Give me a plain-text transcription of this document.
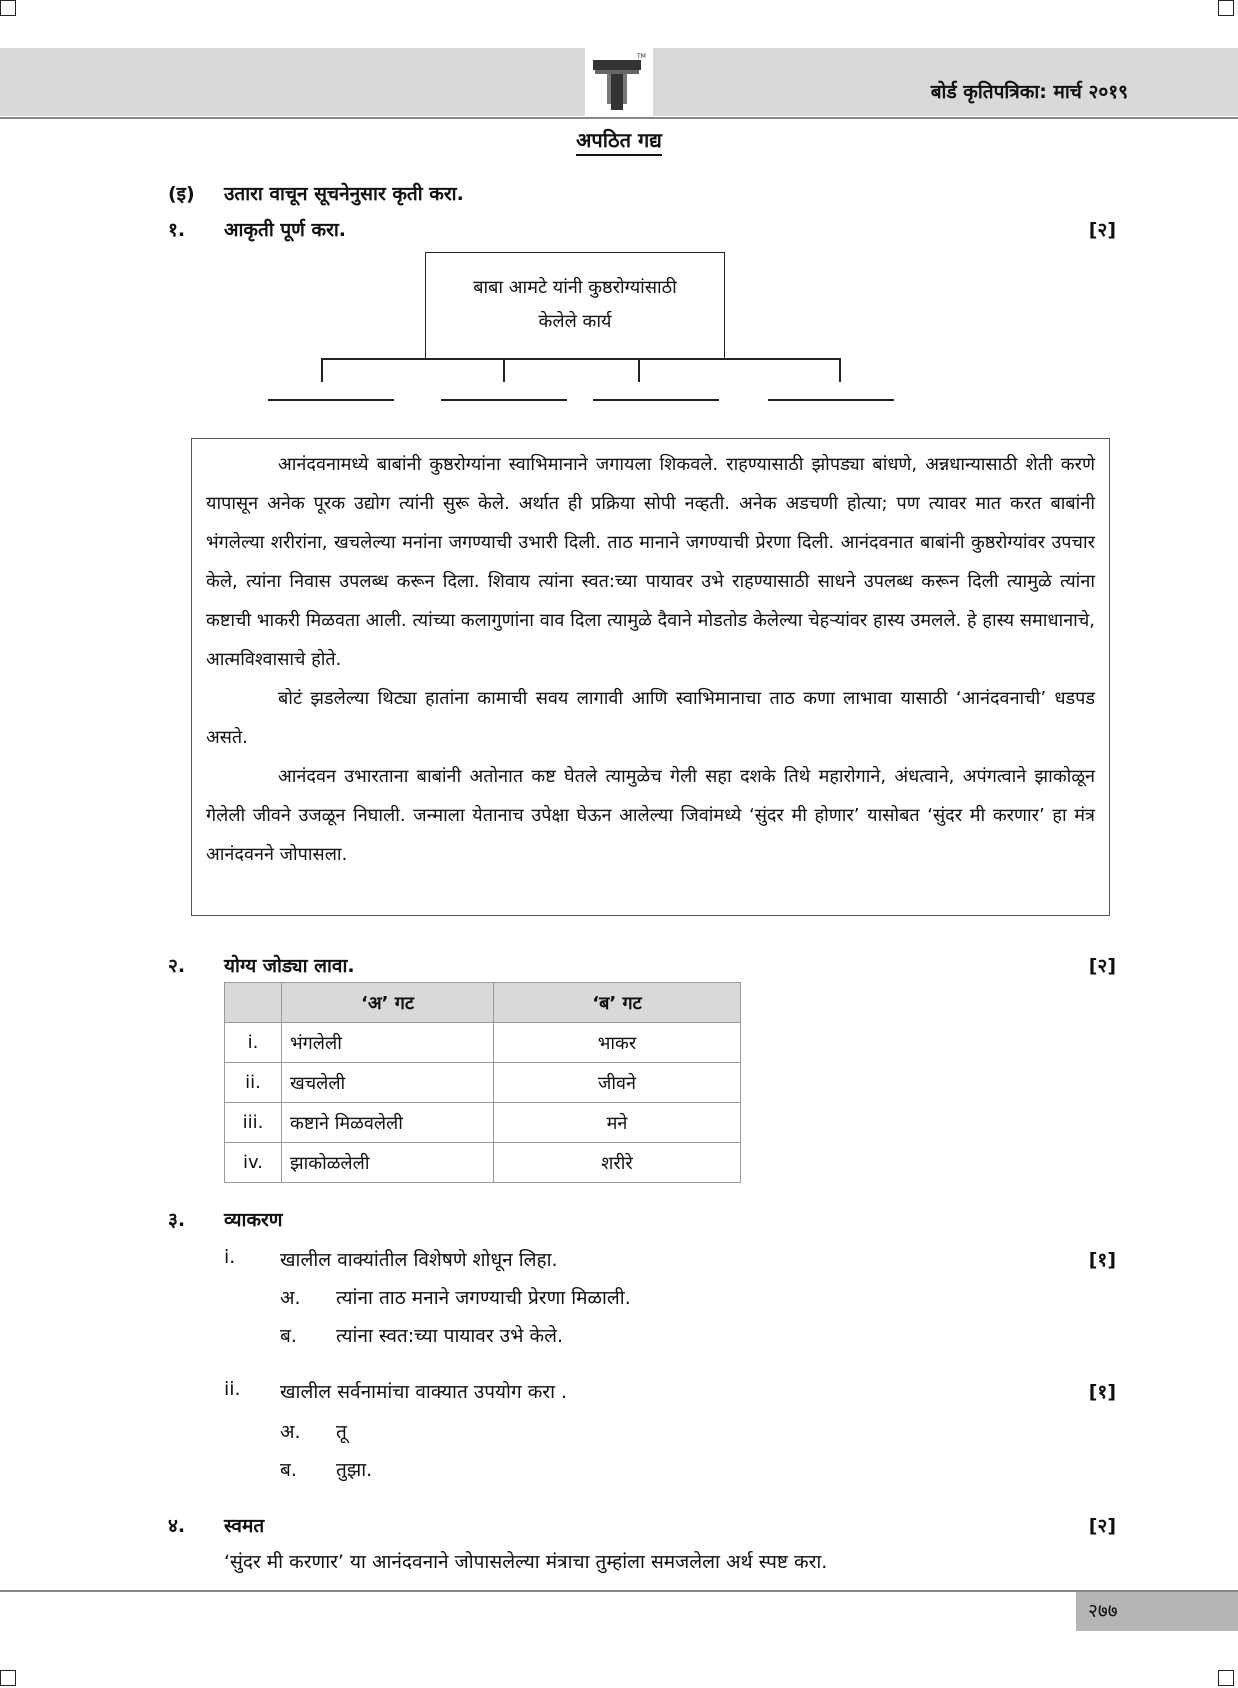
TM
बोर्ड कृतिपत्रिका: मार्च २०१९
अपठित गद्य
(इ) उतारा वाचून सूचनेनुसार कृती करा.
१. आकृती पूर्ण करा.	[२]
बाबा आमटे यांनी कुष्ठरोग्यांसाठी
केलेले कार्य

आनंदवनामध्ये बाबांनी कुष्ठरोग्यांना स्वाभिमानाने जगायला शिकवले. राहण्यासाठी झोपड्या बांधणे, अन्नधान्यासाठी शेती करणे यापासून अनेक पूरक उद्योग त्यांनी सुरू केले. अर्थात ही प्रक्रिया सोपी नव्हती. अनेक अडचणी होत्या; पण त्यावर मात करत बाबांनी भंगलेल्या शरीरांना, खचलेल्या मनांना जगण्याची उभारी दिली. ताठ मानाने जगण्याची प्रेरणा दिली. आनंदवनात बाबांनी कुष्ठरोग्यांवर उपचार केले, त्यांना निवास उपलब्ध करून दिला. शिवाय त्यांना स्वत:च्या पायावर उभे राहण्यासाठी साधने उपलब्ध करून दिली त्यामुळे त्यांना कष्टाची भाकरी मिळवता आली. त्यांच्या कलागुणांना वाव दिला त्यामुळे दैवाने मोडतोड केलेल्या चेहऱ्यांवर हास्य उमलले. हे हास्य समाधानाचे, आत्मविश्वासाचे होते.

बोटं झडलेल्या थिट्या हातांना कामाची सवय लागावी आणि स्वाभिमानाचा ताठ कणा लाभावा यासाठी ‘आनंदवनाची’ धडपड असते.

आनंदवन उभारताना बाबांनी अतोनात कष्ट घेतले त्यामुळेच गेली सहा दशके तिथे महारोगाने, अंधत्वाने, अपंगत्वाने झाकोळून गेलेली जीवने उजळून निघाली. जन्माला येतानाच उपेक्षा घेऊन आलेल्या जिवांमध्ये ‘सुंदर मी होणार’ यासोबत ‘सुंदर मी करणार’ हा मंत्र आनंदवनने जोपासला.

२. योग्य जोड्या लावा.	[२]
	‘अ’ गट	‘ब’ गट
i.	भंगलेली	भाकर
ii.	खचलेली	जीवने
iii.	कष्टाने मिळवलेली	मने
iv.	झाकोळलेली	शरीरे
३. व्याकरण
i. खालील वाक्यांतील विशेषणे शोधून लिहा.	[१]
अ. त्यांना ताठ मनाने जगण्याची प्रेरणा मिळाली.
ब. त्यांना स्वत:च्या पायावर उभे केले.
ii. खालील सर्वनामांचा वाक्यात उपयोग करा .	[१]
अ. तू
ब. तुझा.
४. स्वमत	[२]
‘सुंदर मी करणार’ या आनंदवनाने जोपासलेल्या मंत्राचा तुम्हांला समजलेला अर्थ स्पष्ट करा.
२७७
